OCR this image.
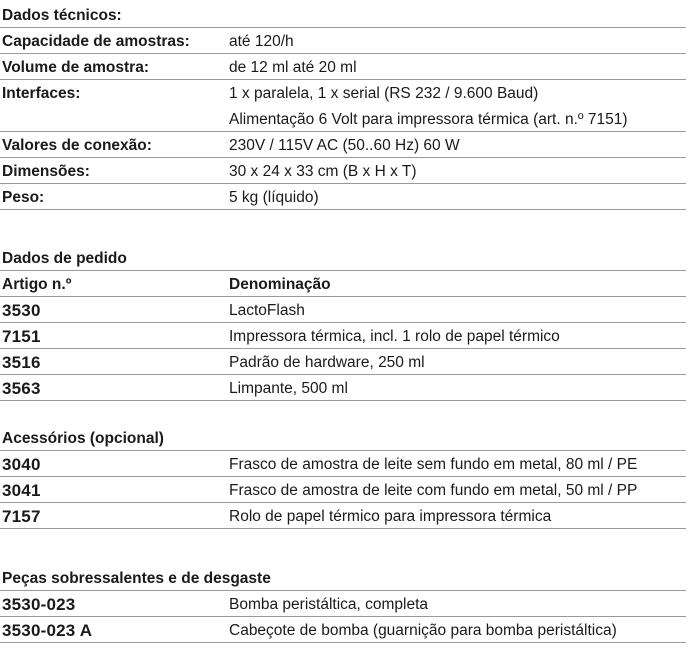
Dados técnicos:
Capacidade de amostras:	até 120/h
Volume de amostra:	de 12 ml até 20 ml
Interfaces:	1 x paralela, 1 x serial (RS 232 / 9.600 Baud)
Alimentação 6 Volt para impressora térmica (art. n.º 7151)
Valores de conexão:	230V / 115V AC (50..60 Hz) 60 W
Dimensões:	30 x 24 x 33 cm (B x H x T)
Peso:	5 kg (líquido)
Dados de pedido
Artigo n.º	Denominação
3530	LactoFlash
7151	Impressora térmica, incl. 1 rolo de papel térmico
3516	Padrão de hardware, 250 ml
3563	Limpante, 500 ml
Acessórios (opcional)
3040	Frasco de amostra de leite sem fundo em metal, 80 ml / PE
3041	Frasco de amostra de leite com fundo em metal, 50 ml / PP
7157	Rolo de papel térmico para impressora térmica
Peças sobressalentes e de desgaste
3530-023	Bomba peristáltica, completa
3530-023 A	Cabeçote de bomba (guarnição para bomba peristáltica)
